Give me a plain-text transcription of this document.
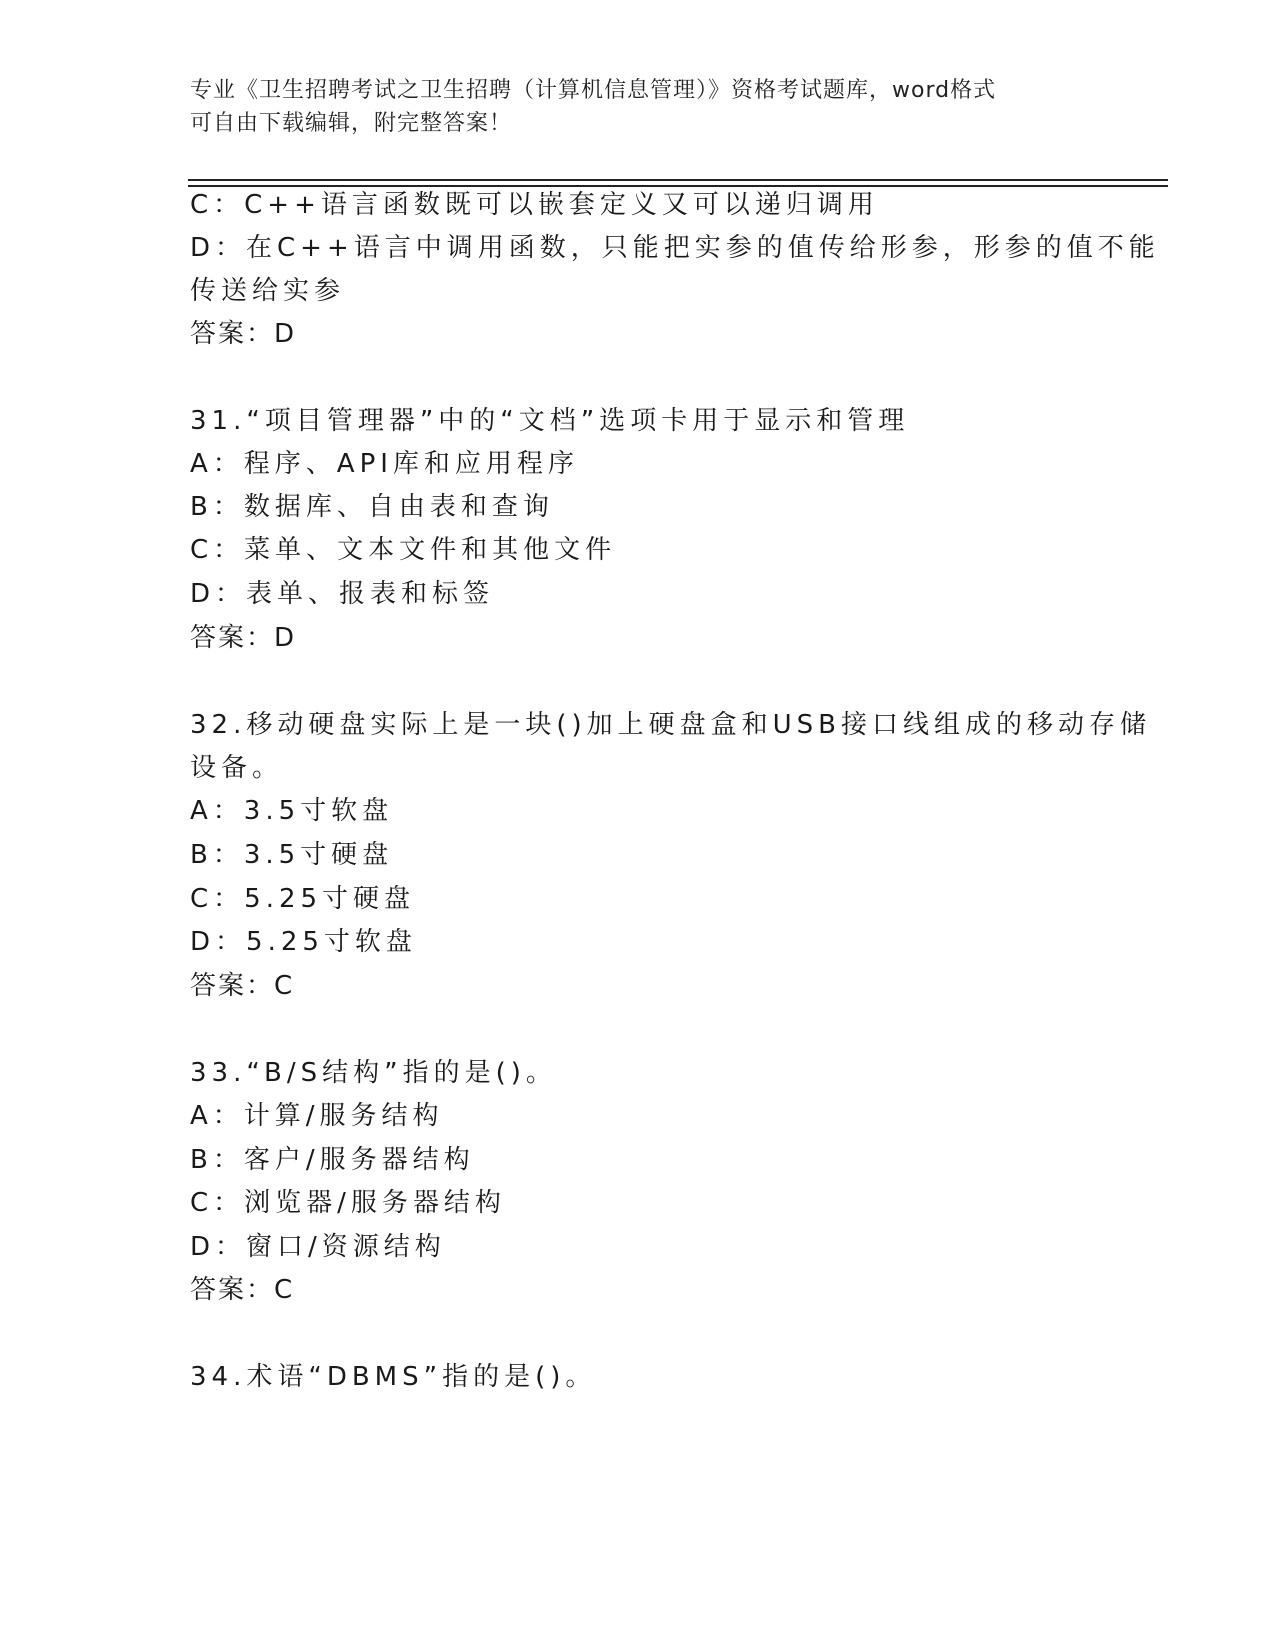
专业《卫生招聘考试之卫生招聘（计算机信息管理）》资格考试题库，word格式
可自由下载编辑，附完整答案！
C：C++语言函数既可以嵌套定义又可以递归调用
D：在C++语言中调用函数，只能把实参的值传给形参，形参的值不能
传送给实参
答案：D
31.“项目管理器”中的“文档”选项卡用于显示和管理
A：程序、API库和应用程序
B：数据库、自由表和查询
C：菜单、文本文件和其他文件
D：表单、报表和标签
答案：D
32.移动硬盘实际上是一块()加上硬盘盒和USB接口线组成的移动存储
设备。
A：3.5寸软盘
B：3.5寸硬盘
C：5.25寸硬盘
D：5.25寸软盘
答案：C
33.“B/S结构”指的是()。
A：计算/服务结构
B：客户/服务器结构
C：浏览器/服务器结构
D：窗口/资源结构
答案：C
34.术语“DBMS”指的是()。
